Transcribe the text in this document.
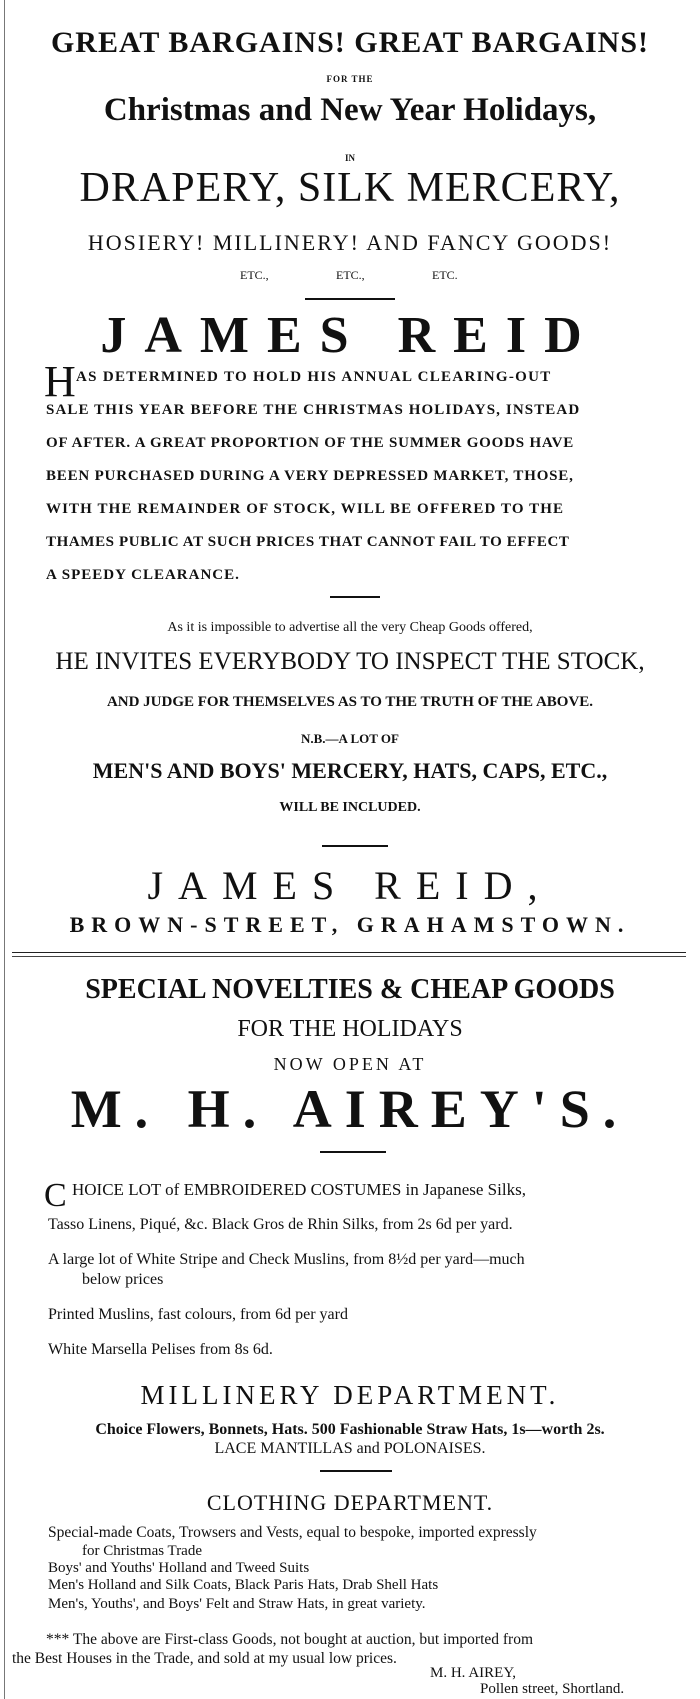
GREAT BARGAINS! GREAT BARGAINS!
FOR THE
Christmas and New Year Holidays,
IN
DRAPERY, SILK MERCERY,
HOSIERY! MILLINERY! AND FANCY GOODS!
ETC.,	ETC.,	ETC.
JAMES REID
H AS DETERMINED TO HOLD HIS ANNUAL CLEARING-OUT
SALE THIS YEAR BEFORE THE CHRISTMAS HOLIDAYS, INSTEAD
OF AFTER. A GREAT PROPORTION OF THE SUMMER GOODS HAVE
BEEN PURCHASED DURING A VERY DEPRESSED MARKET, THOSE,
WITH THE REMAINDER OF STOCK, WILL BE OFFERED TO THE
THAMES PUBLIC AT SUCH PRICES THAT CANNOT FAIL TO EFFECT
A SPEEDY CLEARANCE.
As it is impossible to advertise all the very Cheap Goods offered,
HE INVITES EVERYBODY TO INSPECT THE STOCK,
AND JUDGE FOR THEMSELVES AS TO THE TRUTH OF THE ABOVE.
N.B.—A LOT OF
MEN'S AND BOYS' MERCERY, HATS, CAPS, ETC.,
WILL BE INCLUDED.
JAMES REID,
BROWN-STREET, GRAHAMSTOWN.
SPECIAL NOVELTIES & CHEAP GOODS
FOR THE HOLIDAYS
NOW OPEN AT
M. H. AIREY'S.
C HOICE LOT of EMBROIDERED COSTUMES in Japanese Silks,
Tasso Linens, Piqué, &c. Black Gros de Rhin Silks, from 2s 6d per yard.
A large lot of White Stripe and Check Muslins, from 8½d per yard—much
below prices
Printed Muslins, fast colours, from 6d per yard
White Marsella Pelises from 8s 6d.
MILLINERY DEPARTMENT.
Choice Flowers, Bonnets, Hats. 500 Fashionable Straw Hats, 1s—worth 2s.
LACE MANTILLAS and POLONAISES.
CLOTHING DEPARTMENT.
Special-made Coats, Trowsers and Vests, equal to bespoke, imported expressly
for Christmas Trade
Boys' and Youths' Holland and Tweed Suits
Men's Holland and Silk Coats, Black Paris Hats, Drab Shell Hats
Men's, Youths', and Boys' Felt and Straw Hats, in great variety.
*** The above are First-class Goods, not bought at auction, but imported from
the Best Houses in the Trade, and sold at my usual low prices.
M. H. AIREY,
Pollen street, Shortland.
